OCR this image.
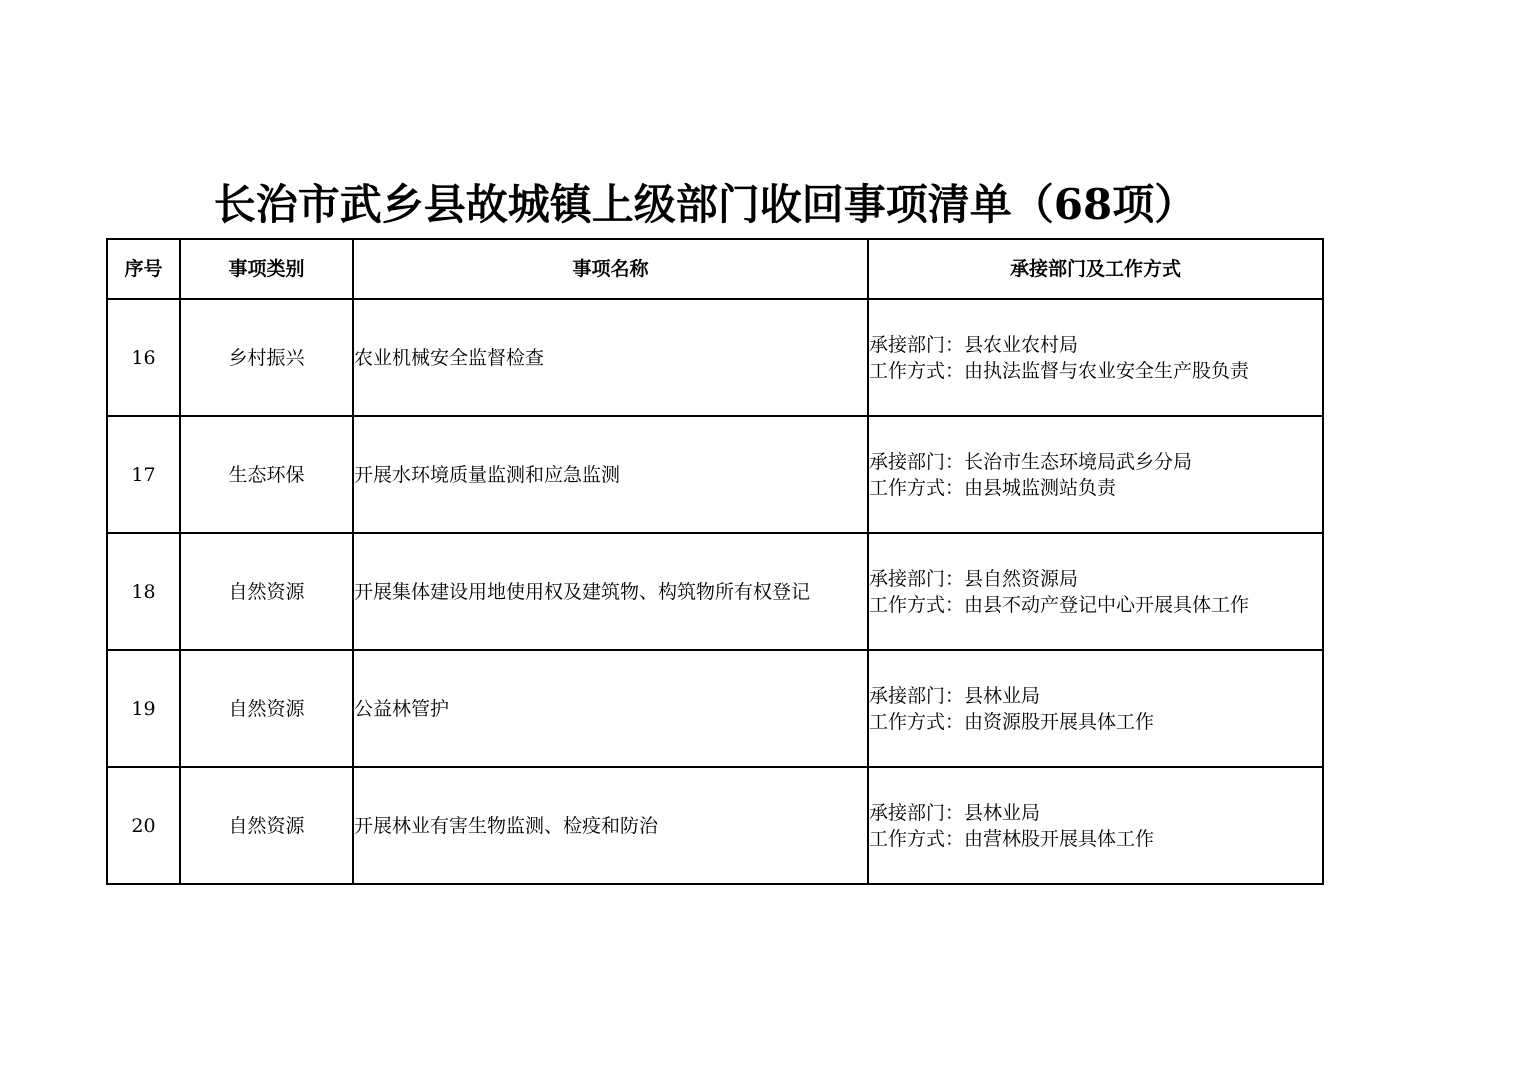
长治市武乡县故城镇上级部门收回事项清单（68项）
序号	事项类别	事项名称	承接部门及工作方式
16	乡村振兴	农业机械安全监督检查	承接部门：县农业农村局
工作方式：由执法监督与农业安全生产股负责

17	生态环保	开展水环境质量监测和应急监测	承接部门：长治市生态环境局武乡分局
工作方式：由县城监测站负责

18	自然资源	开展集体建设用地使用权及建筑物、构筑物所有权登记	承接部门：县自然资源局
工作方式：由县不动产登记中心开展具体工作

19	自然资源	公益林管护	承接部门：县林业局
工作方式：由资源股开展具体工作

20	自然资源	开展林业有害生物监测、检疫和防治	承接部门：县林业局
工作方式：由营林股开展具体工作
